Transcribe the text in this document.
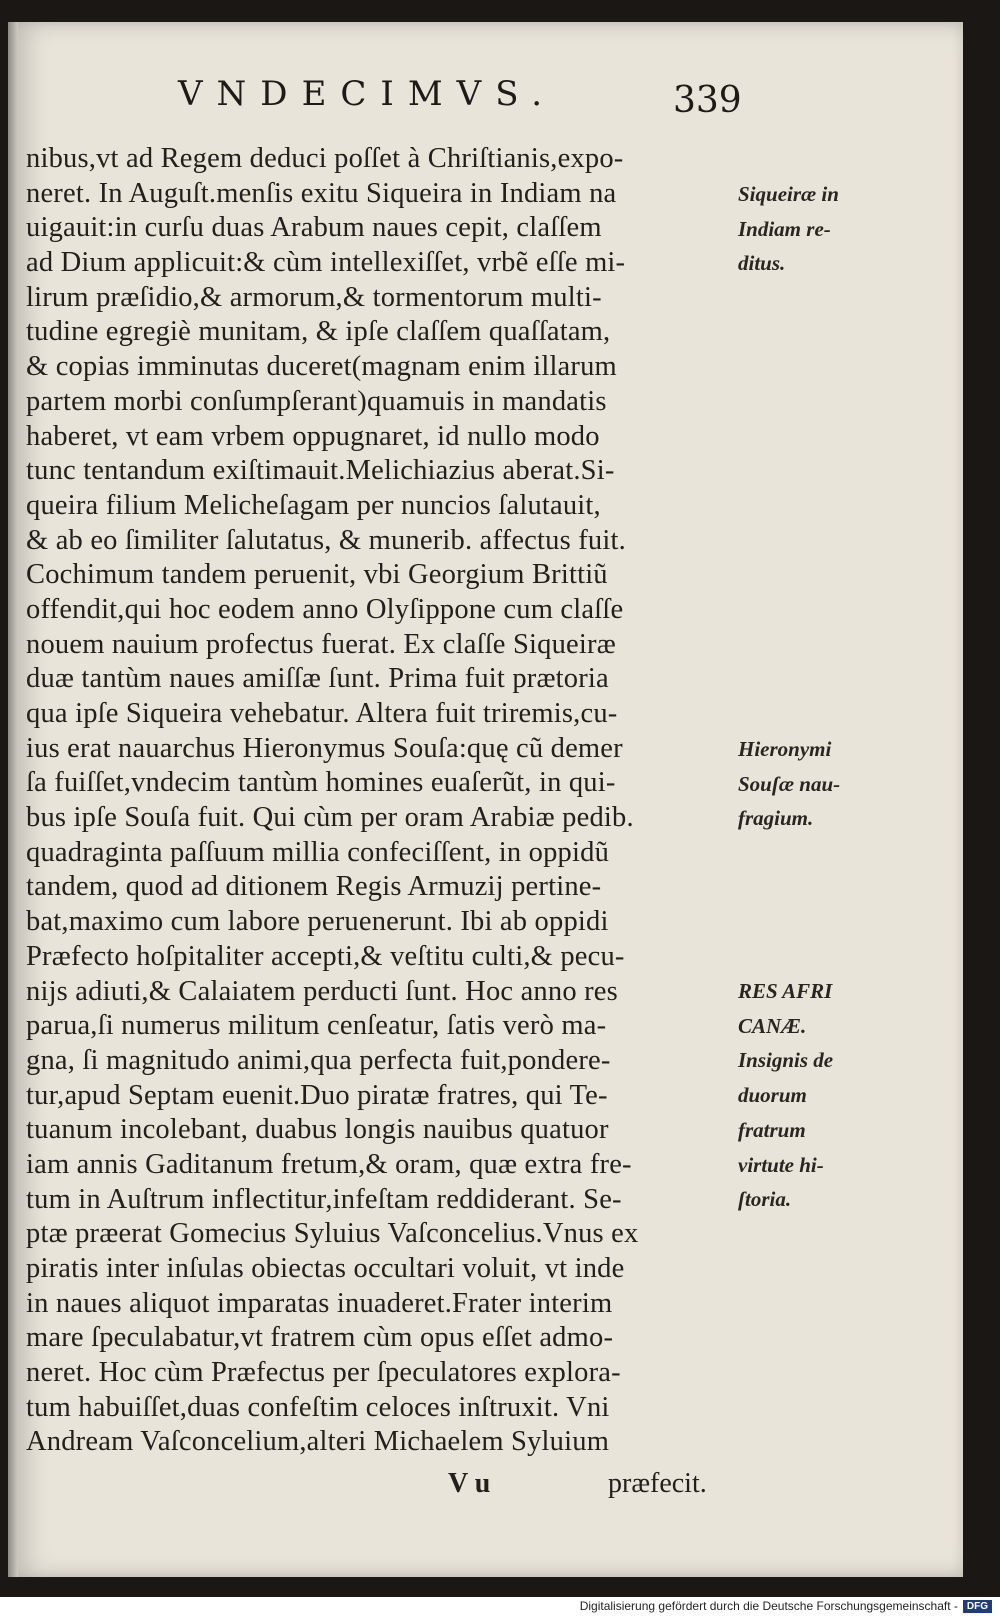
VNDECIMVS.	339
nibus,vt ad Regem deduci poſſet à Chriſtianis,expo-
neret. In Auguſt.menſis exitu Siqueira in Indiam na
uigauit:in curſu duas Arabum naues cepit, claſſem
ad Dium applicuit:& cùm intellexiſſet, vrbẽ eſſe mi-
lirum præſidio,& armorum,& tormentorum multi-
tudine egregiè munitam, & ipſe claſſem quaſſatam,
& copias imminutas duceret(magnam enim illarum
partem morbi conſumpſerant)quamuis in mandatis
haberet, vt eam vrbem oppugnaret, id nullo modo
tunc tentandum exiſtimauit.Melichiazius aberat.Si-
queira filium Melicheſagam per nuncios ſalutauit,
& ab eo ſimiliter ſalutatus, & munerib. affectus fuit.
Cochimum tandem peruenit, vbi Georgium Brittiũ
offendit,qui hoc eodem anno Olyſippone cum claſſe
nouem nauium profectus fuerat. Ex claſſe Siqueiræ
duæ tantùm naues amiſſæ ſunt. Prima fuit prætoria
qua ipſe Siqueira vehebatur. Altera fuit triremis,cu-
ius erat nauarchus Hieronymus Souſa:quę cũ demer
ſa fuiſſet,vndecim tantùm homines euaſerũt, in qui-
bus ipſe Souſa fuit. Qui cùm per oram Arabiæ pedib.
quadraginta paſſuum millia confeciſſent, in oppidũ
tandem, quod ad ditionem Regis Armuzij pertine-
bat,maximo cum labore peruenerunt. Ibi ab oppidi
Præfecto hoſpitaliter accepti,& veſtitu culti,& pecu-
nijs adiuti,& Calaiatem perducti ſunt. Hoc anno res
parua,ſi numerus militum cenſeatur, ſatis verò ma-
gna, ſi magnitudo animi,qua perfecta fuit,pondere-
tur,apud Septam euenit.Duo piratæ fratres, qui Te-
tuanum incolebant, duabus longis nauibus quatuor
iam annis Gaditanum fretum,& oram, quæ extra fre-
tum in Auſtrum inflectitur,infeſtam reddiderant. Se-
ptæ præerat Gomecius Syluius Vaſconcelius.Vnus ex
piratis inter inſulas obiectas occultari voluit, vt inde
in naues aliquot imparatas inuaderet.Frater interim
mare ſpeculabatur,vt fratrem cùm opus eſſet admo-
neret. Hoc cùm Præfectus per ſpeculatores explora-
tum habuiſſet,duas confeſtim celoces inſtruxit. Vni
Andream Vaſconcelium,alteri Michaelem Syluium
Siqueiræ in
Indiam re-
ditus.
Hieronymi
Souſæ nau-
fragium.
RES AFRI
CANÆ.
Insignis de
duorum
fratrum
virtute hi-
ſtoria.
V u	præfecit.
Digitalisierung gefördert durch die Deutsche Forschungsgemeinschaft - DFG
